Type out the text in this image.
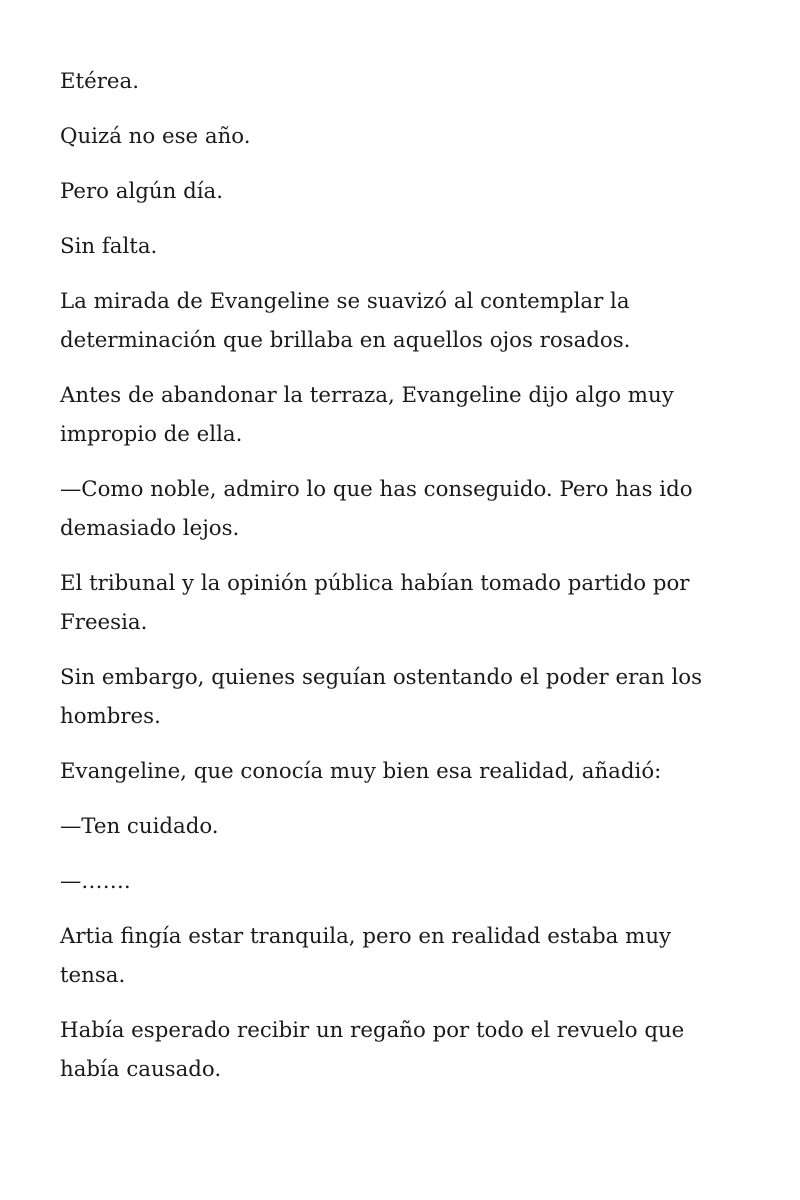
Etérea.

Quizá no ese año.

Pero algún día.

Sin falta.

La mirada de Evangeline se suavizó al contemplar la determinación que brillaba en aquellos ojos rosados.

Antes de abandonar la terraza, Evangeline dijo algo muy impropio de ella.

—Como noble, admiro lo que has conseguido. Pero has ido demasiado lejos.

El tribunal y la opinión pública habían tomado partido por Freesia.

Sin embargo, quienes seguían ostentando el poder eran los hombres.

Evangeline, que conocía muy bien esa realidad, añadió:

—Ten cuidado.

—…….

Artia fingía estar tranquila, pero en realidad estaba muy tensa.

Había esperado recibir un regaño por todo el revuelo que había causado.
